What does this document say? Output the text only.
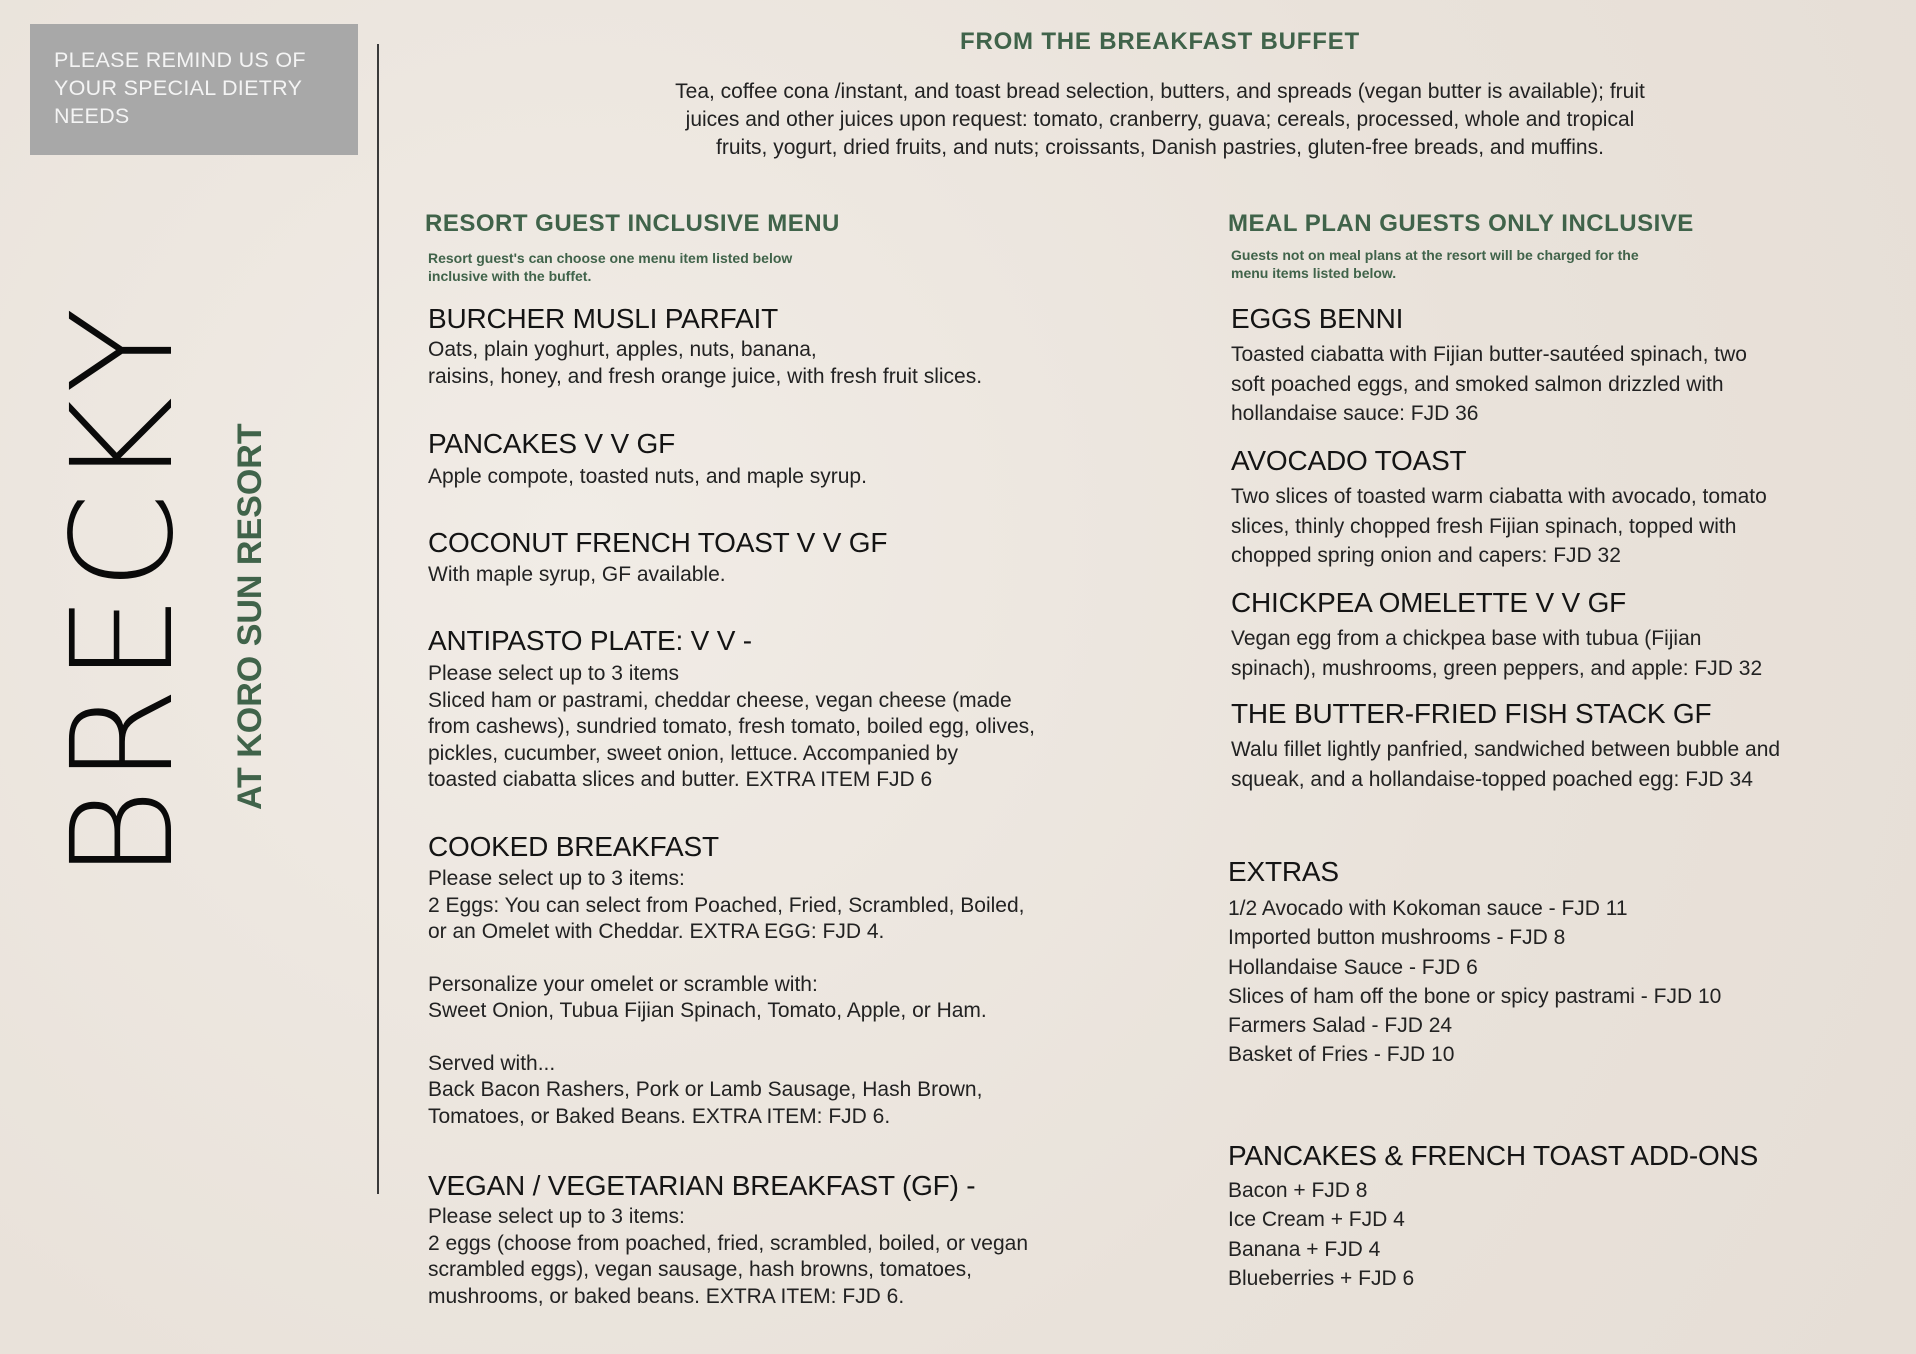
PLEASE REMIND US OF
YOUR SPECIAL DIETRY
NEEDS
BRECKY AT KORO SUN RESORT
FROM THE BREAKFAST BUFFET
Tea, coffee cona /instant, and toast bread selection, butters, and spreads (vegan butter is available); fruit
juices and other juices upon request: tomato, cranberry, guava; cereals, processed, whole and tropical
fruits, yogurt, dried fruits, and nuts; croissants, Danish pastries, gluten-free breads, and muffins.
RESORT GUEST INCLUSIVE MENU
Resort guest's can choose one menu item listed below
inclusive with the buffet.
BURCHER MUSLI PARFAIT
Oats, plain yoghurt, apples, nuts, banana,
raisins, honey, and fresh orange juice, with fresh fruit slices.
PANCAKES V V GF
Apple compote, toasted nuts, and maple syrup.
COCONUT FRENCH TOAST V V GF
With maple syrup, GF available.
ANTIPASTO PLATE: V V -
Please select up to 3 items
Sliced ham or pastrami, cheddar cheese, vegan cheese (made
from cashews), sundried tomato, fresh tomato, boiled egg, olives,
pickles, cucumber, sweet onion, lettuce. Accompanied by
toasted ciabatta slices and butter. EXTRA ITEM FJD 6
COOKED BREAKFAST
Please select up to 3 items:
2 Eggs: You can select from Poached, Fried, Scrambled, Boiled,
or an Omelet with Cheddar. EXTRA EGG: FJD 4.
Personalize your omelet or scramble with:
Sweet Onion, Tubua Fijian Spinach, Tomato, Apple, or Ham.
Served with...
Back Bacon Rashers, Pork or Lamb Sausage, Hash Brown,
Tomatoes, or Baked Beans. EXTRA ITEM: FJD 6.
VEGAN / VEGETARIAN BREAKFAST (GF) -
Please select up to 3 items:
2 eggs (choose from poached, fried, scrambled, boiled, or vegan
scrambled eggs), vegan sausage, hash browns, tomatoes,
mushrooms, or baked beans. EXTRA ITEM: FJD 6.
MEAL PLAN GUESTS ONLY INCLUSIVE
Guests not on meal plans at the resort will be charged for the
menu items listed below.
EGGS BENNI
Toasted ciabatta with Fijian butter-sautéed spinach, two
soft poached eggs, and smoked salmon drizzled with
hollandaise sauce: FJD 36
AVOCADO TOAST
Two slices of toasted warm ciabatta with avocado, tomato
slices, thinly chopped fresh Fijian spinach, topped with
chopped spring onion and capers: FJD 32
CHICKPEA OMELETTE V V GF
Vegan egg from a chickpea base with tubua (Fijian
spinach), mushrooms, green peppers, and apple: FJD 32
THE BUTTER-FRIED FISH STACK GF
Walu fillet lightly panfried, sandwiched between bubble and
squeak, and a hollandaise-topped poached egg: FJD 34
EXTRAS
1/2 Avocado with Kokoman sauce - FJD 11
Imported button mushrooms - FJD 8
Hollandaise Sauce - FJD 6
Slices of ham off the bone or spicy pastrami - FJD 10
Farmers Salad - FJD 24
Basket of Fries - FJD 10
PANCAKES & FRENCH TOAST ADD-ONS
Bacon + FJD 8
Ice Cream + FJD 4
Banana + FJD 4
Blueberries + FJD 6
